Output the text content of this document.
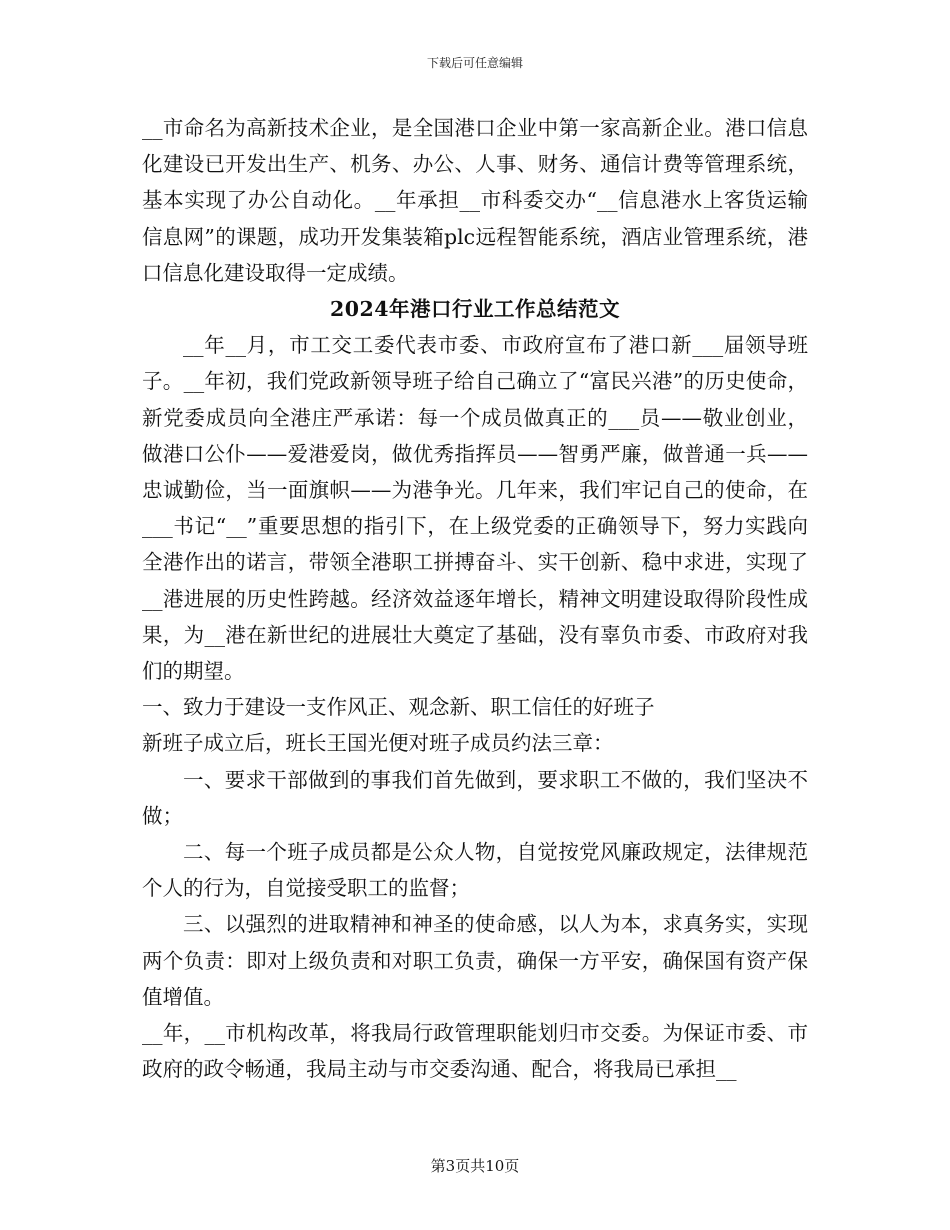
下载后可任意编辑

__市命名为高新技术企业，是全国港口企业中第一家高新企业。港口信息化建设已开发出生产、机务、办公、人事、财务、通信计费等管理系统，基本实现了办公自动化。__年承担__市科委交办“__信息港水上客货运输信息网”的课题，成功开发集装箱plc远程智能系统，酒店业管理系统，港口信息化建设取得一定成绩。

2024年港口行业工作总结范文

__年__月，市工交工委代表市委、市政府宣布了港口新___届领导班子。__年初，我们党政新领导班子给自己确立了“富民兴港”的历史使命，新党委成员向全港庄严承诺：每一个成员做真正的___员——敬业创业，做港口公仆——爱港爱岗，做优秀指挥员——智勇严廉，做普通一兵——忠诚勤俭，当一面旗帜——为港争光。几年来，我们牢记自己的使命，在___书记“__”重要思想的指引下，在上级党委的正确领导下，努力实践向全港作出的诺言，带领全港职工拼搏奋斗、实干创新、稳中求进，实现了__港进展的历史性跨越。经济效益逐年增长，精神文明建设取得阶段性成果，为__港在新世纪的进展壮大奠定了基础，没有辜负市委、市政府对我们的期望。

一、致力于建设一支作风正、观念新、职工信任的好班子

新班子成立后，班长王国光便对班子成员约法三章：

一、要求干部做到的事我们首先做到，要求职工不做的，我们坚决不做；

二、每一个班子成员都是公众人物，自觉按党风廉政规定，法律规范个人的行为，自觉接受职工的监督；

三、以强烈的进取精神和神圣的使命感，以人为本，求真务实，实现两个负责：即对上级负责和对职工负责，确保一方平安，确保国有资产保值增值。

__年，__市机构改革，将我局行政管理职能划归市交委。为保证市委、市政府的政令畅通，我局主动与市交委沟通、配合，将我局已承担__

第3页共10页
